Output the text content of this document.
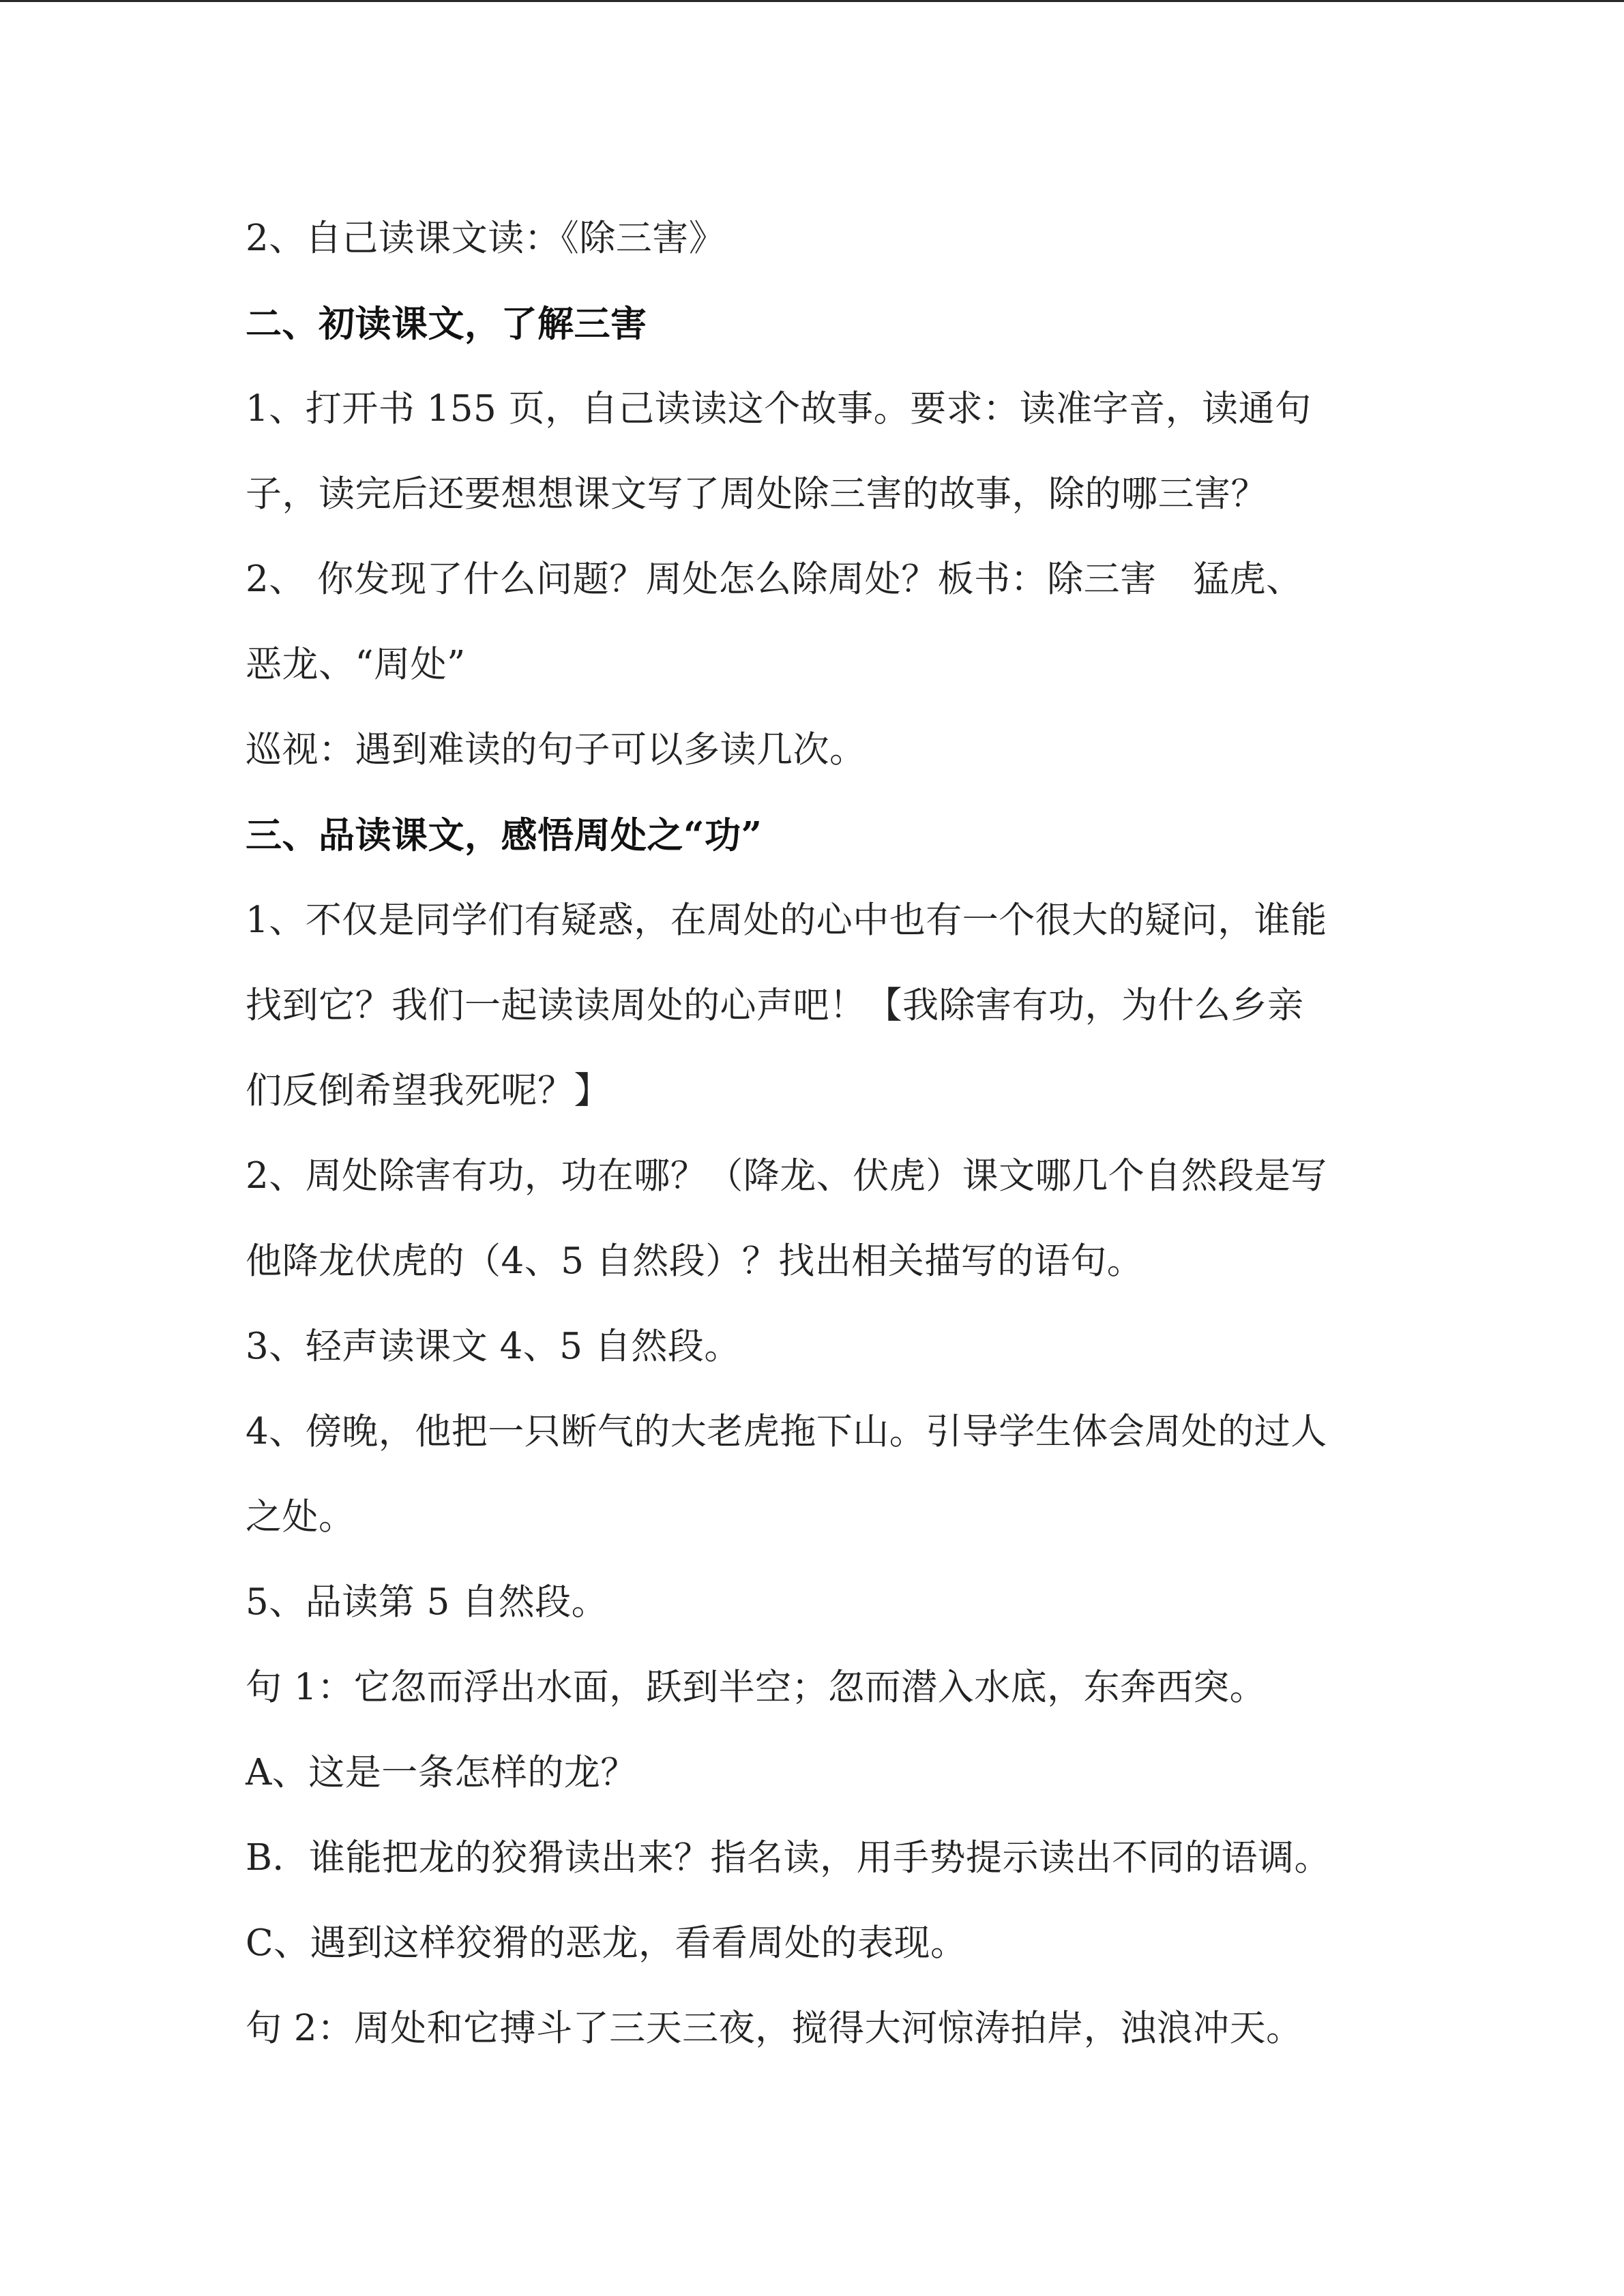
2、自己读课文读：《除三害》
二、初读课文，了解三害
1、打开书 155 页，自己读读这个故事。要求：读准字音，读通句
子，读完后还要想想课文写了周处除三害的故事，除的哪三害？
2、 你发现了什么问题？周处怎么除周处？板书：除三害　猛虎、
恶龙、“周处”
巡视：遇到难读的句子可以多读几次。
三、品读课文，感悟周处之“功”
1、不仅是同学们有疑惑，在周处的心中也有一个很大的疑问，谁能
找到它？我们一起读读周处的心声吧！【我除害有功，为什么乡亲
们反倒希望我死呢？】
2、周处除害有功，功在哪？（降龙、伏虎）课文哪几个自然段是写
他降龙伏虎的（4、5 自然段）？找出相关描写的语句。
3、轻声读课文 4、5 自然段。
4、傍晚，他把一只断气的大老虎拖下山。引导学生体会周处的过人
之处。
5、品读第 5 自然段。
句 1：它忽而浮出水面，跃到半空；忽而潜入水底，东奔西突。
A、这是一条怎样的龙？
B．谁能把龙的狡猾读出来？指名读，用手势提示读出不同的语调。
C、遇到这样狡猾的恶龙，看看周处的表现。
句 2：周处和它搏斗了三天三夜，搅得大河惊涛拍岸，浊浪冲天。
